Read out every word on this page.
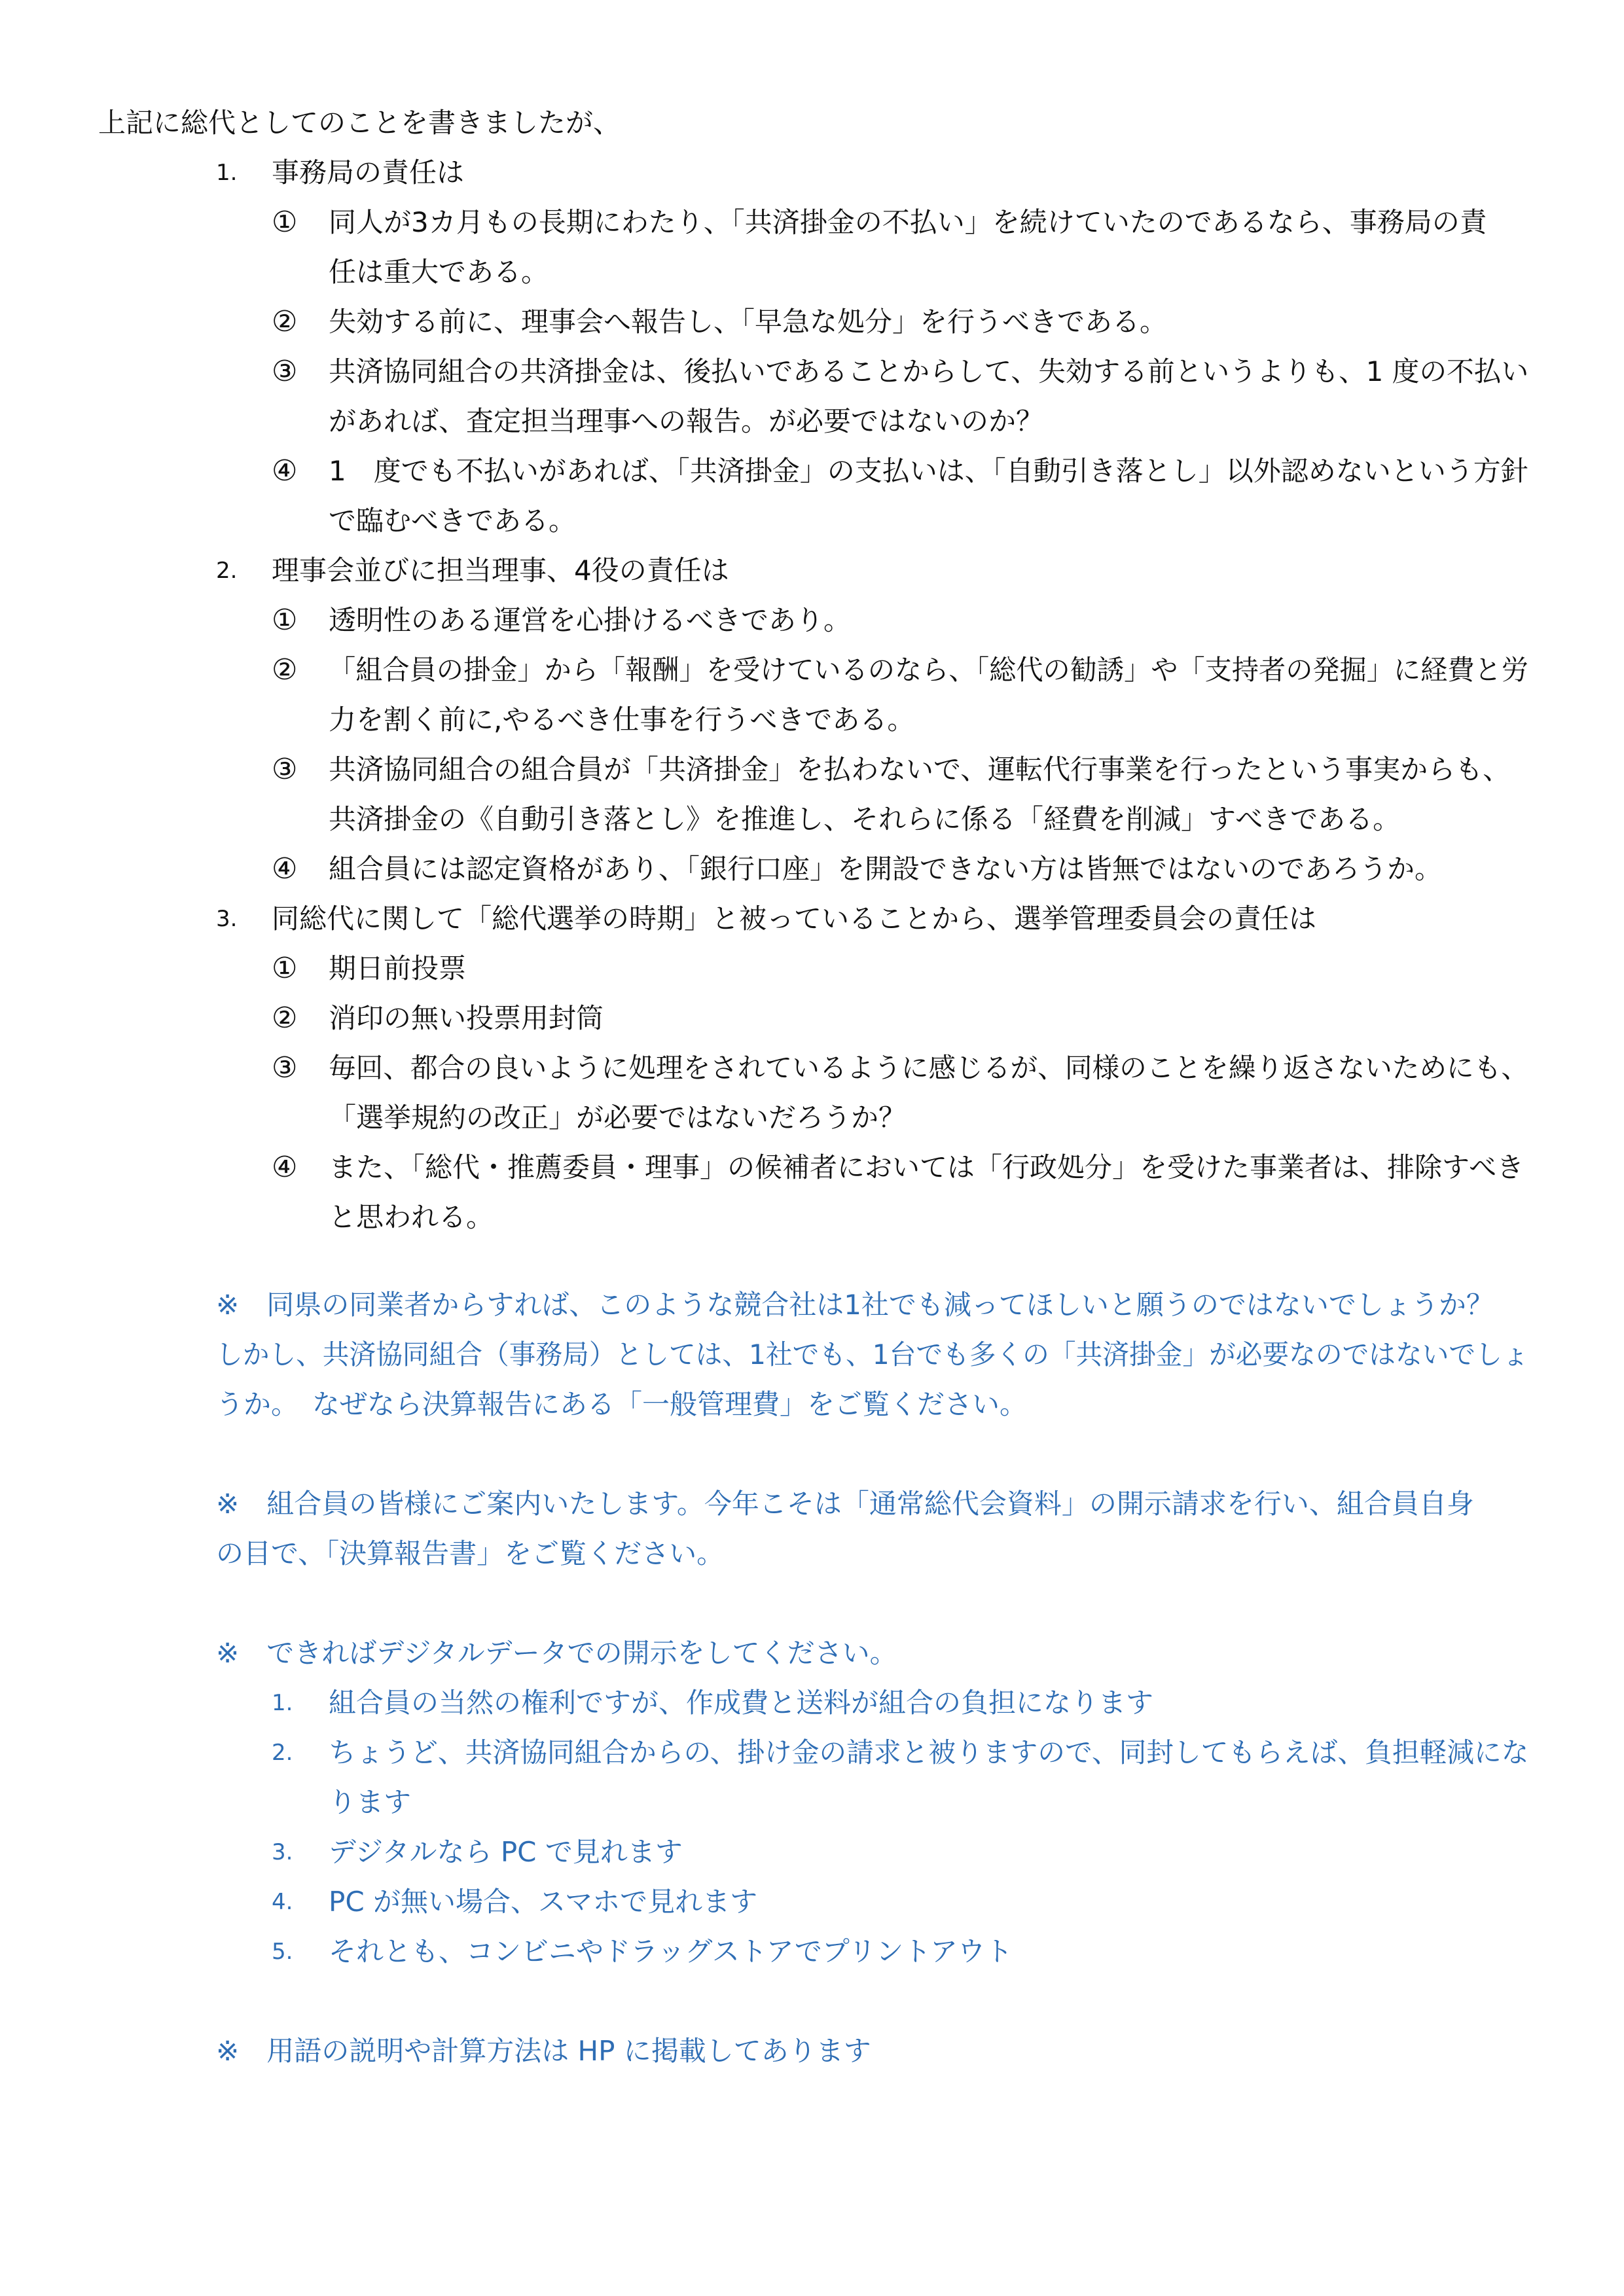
上記に総代としてのことを書きましたが、
1. 事務局の責任は
① 同人が3カ月もの長期にわたり、「共済掛金の不払い」を続けていたのであるなら、事務局の責
任は重大である。
② 失効する前に、理事会へ報告し、「早急な処分」を行うべきである。
③ 共済協同組合の共済掛金は、後払いであることからして、失効する前というよりも、1 度の不払い
があれば、査定担当理事への報告。が必要ではないのか？
④ 1　度でも不払いがあれば、「共済掛金」の支払いは、「自動引き落とし」以外認めないという方針
で臨むべきである。
2. 理事会並びに担当理事、4役の責任は
① 透明性のある運営を心掛けるべきであり。
② 「組合員の掛金」から「報酬」を受けているのなら、「総代の勧誘」や「支持者の発掘」に経費と労
力を割く前に,やるべき仕事を行うべきである。
③ 共済協同組合の組合員が「共済掛金」を払わないで、運転代行事業を行ったという事実からも、
共済掛金の《自動引き落とし》を推進し、それらに係る「経費を削減」すべきである。
④ 組合員には認定資格があり、「銀行口座」を開設できない方は皆無ではないのであろうか。
3. 同総代に関して「総代選挙の時期」と被っていることから、選挙管理委員会の責任は
① 期日前投票
② 消印の無い投票用封筒
③ 毎回、都合の良いように処理をされているように感じるが、同様のことを繰り返さないためにも、
「選挙規約の改正」が必要ではないだろうか？
④ また、「総代・推薦委員・理事」の候補者においては「行政処分」を受けた事業者は、排除すべき
と思われる。
※　同県の同業者からすれば、このような競合社は1社でも減ってほしいと願うのではないでしょうか？
しかし、共済協同組合（事務局）としては、1社でも、1台でも多くの「共済掛金」が必要なのではないでしょ
うか。　なぜなら決算報告にある「一般管理費」をご覧ください。
※　組合員の皆様にご案内いたします。今年こそは「通常総代会資料」の開示請求を行い、組合員自身
の目で、「決算報告書」をご覧ください。
※　できればデジタルデータでの開示をしてください。
1. 組合員の当然の権利ですが、作成費と送料が組合の負担になります
2. ちょうど、共済協同組合からの、掛け金の請求と被りますので、同封してもらえば、負担軽減にな
ります
3. デジタルなら PC で見れます
4. PC が無い場合、スマホで見れます
5. それとも、コンビニやドラッグストアでプリントアウト
※　用語の説明や計算方法は HP に掲載してあります
